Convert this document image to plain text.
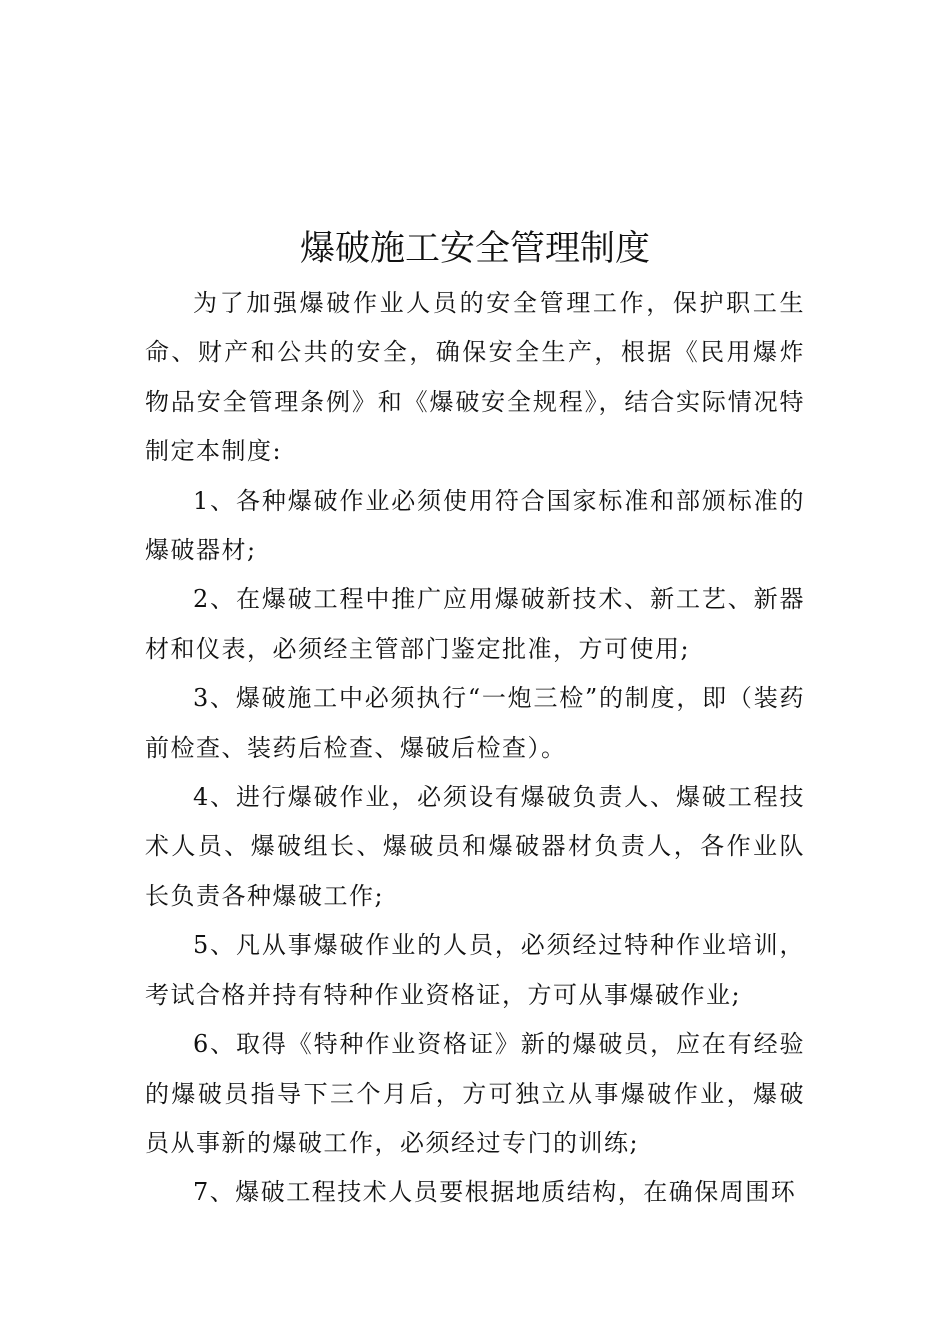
爆破施工安全管理制度

为了加强爆破作业人员的安全管理工作，保护职工生命、财产和公共的安全，确保安全生产，根据《民用爆炸物品安全管理条例》和《爆破安全规程》，结合实际情况特制定本制度:

1、各种爆破作业必须使用符合国家标准和部颁标准的爆破器材;

2、在爆破工程中推广应用爆破新技术、新工艺、新器材和仪表，必须经主管部门鉴定批准，方可使用;

3、爆破施工中必须执行“一炮三检”的制度，即（装药前检查、装药后检查、爆破后检查）。

4、进行爆破作业，必须设有爆破负责人、爆破工程技术人员、爆破组长、爆破员和爆破器材负责人，各作业队长负责各种爆破工作;

5、凡从事爆破作业的人员，必须经过特种作业培训，考试合格并持有特种作业资格证，方可从事爆破作业;

6、取得《特种作业资格证》新的爆破员，应在有经验的爆破员指导下三个月后，方可独立从事爆破作业，爆破员从事新的爆破工作，必须经过专门的训练;

7、爆破工程技术人员要根据地质结构，在确保周围环
